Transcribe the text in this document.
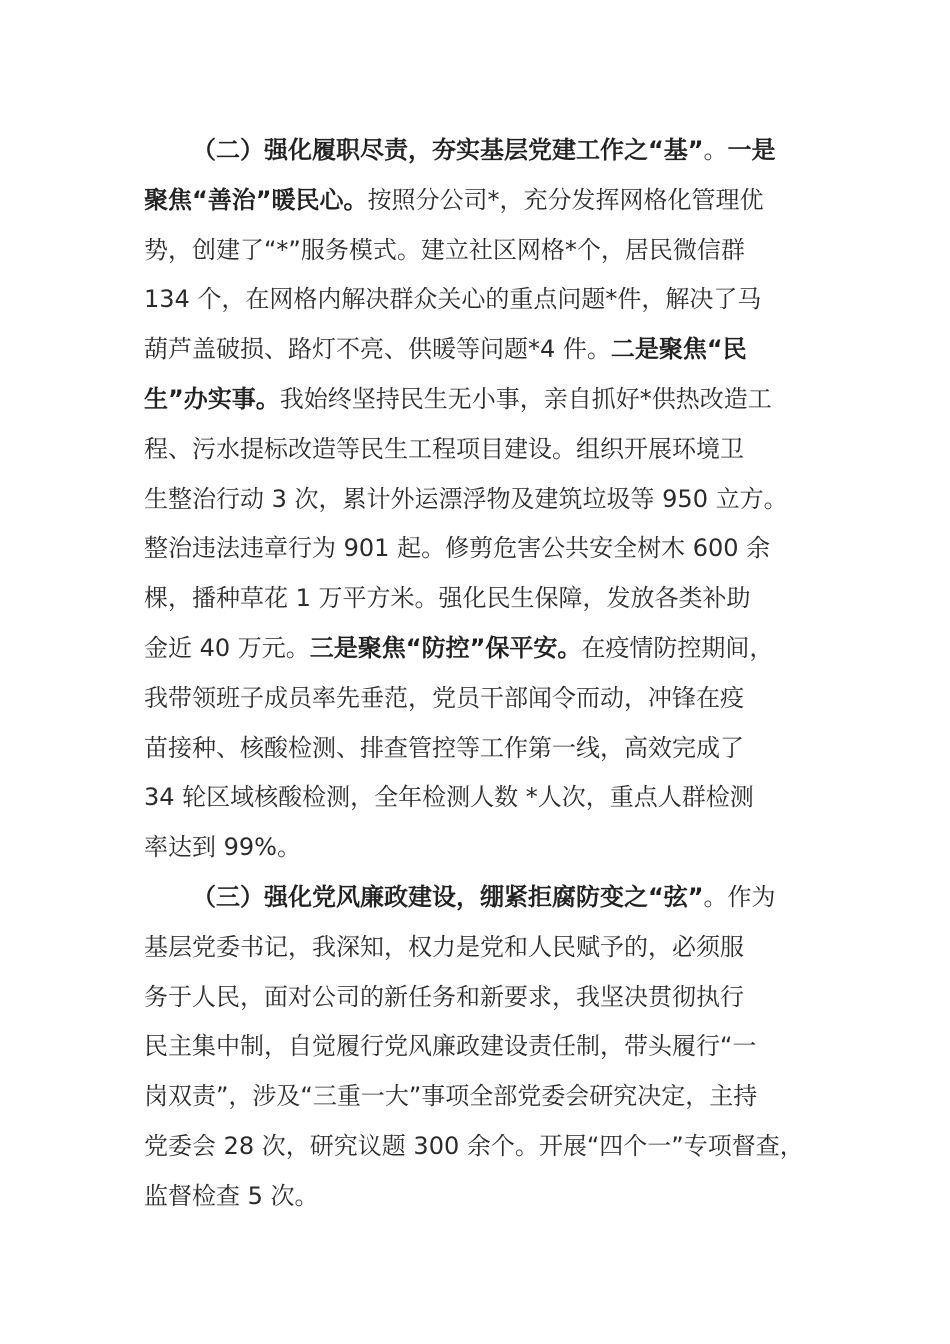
（二）强化履职尽责，夯实基层党建工作之“基”。一是
聚焦“善治”暖民心。按照分公司*，充分发挥网格化管理优
势，创建了“*”服务模式。建立社区网格*个，居民微信群
134 个，在网格内解决群众关心的重点问题*件，解决了马
葫芦盖破损、路灯不亮、供暖等问题*4 件。二是聚焦“民
生”办实事。我始终坚持民生无小事，亲自抓好*供热改造工
程、污水提标改造等民生工程项目建设。组织开展环境卫
生整治行动 3 次，累计外运漂浮物及建筑垃圾等 950 立方。
整治违法违章行为 901 起。修剪危害公共安全树木 600 余
棵，播种草花 1 万平方米。强化民生保障，发放各类补助
金近 40 万元。三是聚焦“防控”保平安。在疫情防控期间，
我带领班子成员率先垂范，党员干部闻令而动，冲锋在疫
苗接种、核酸检测、排查管控等工作第一线，高效完成了
34 轮区域核酸检测，全年检测人数 *人次，重点人群检测
率达到 99%。
（三）强化党风廉政建设，绷紧拒腐防变之“弦”。作为
基层党委书记，我深知，权力是党和人民赋予的，必须服
务于人民，面对公司的新任务和新要求，我坚决贯彻执行
民主集中制，自觉履行党风廉政建设责任制，带头履行“一
岗双责”，涉及“三重一大”事项全部党委会研究决定，主持
党委会 28 次，研究议题 300 余个。开展“四个一”专项督查，
监督检查 5 次。
